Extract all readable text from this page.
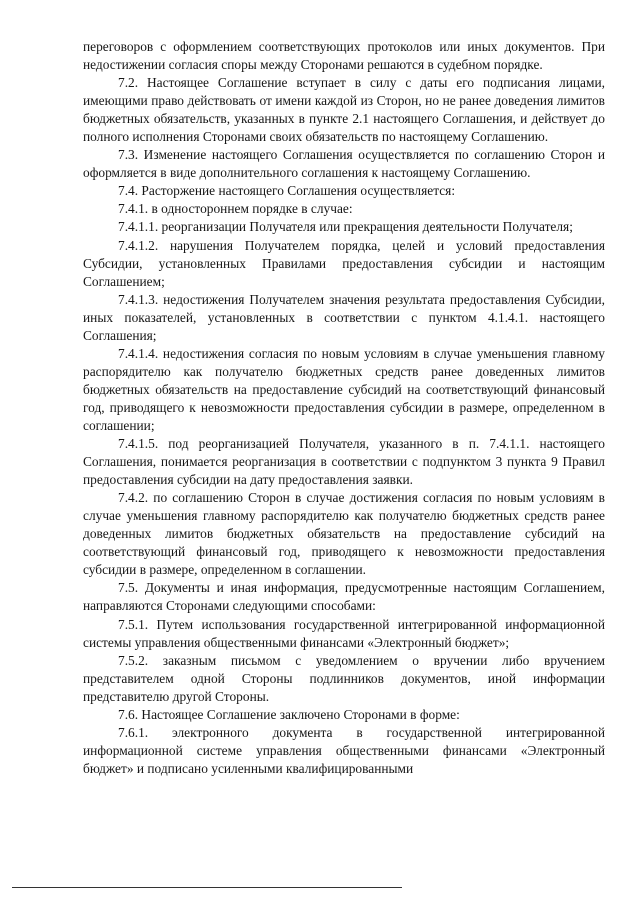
переговоров с оформлением соответствующих протоколов или иных документов. При недостижении согласия споры между Сторонами решаются в судебном порядке.

7.2. Настоящее Соглашение вступает в силу с даты его подписания лицами, имеющими право действовать от имени каждой из Сторон, но не ранее доведения лимитов бюджетных обязательств, указанных в пункте 2.1 настоящего Соглашения, и действует до полного исполнения Сторонами своих обязательств по настоящему Соглашению.

7.3. Изменение настоящего Соглашения осуществляется по соглашению Сторон и оформляется в виде дополнительного соглашения к настоящему Соглашению.

7.4. Расторжение настоящего Соглашения осуществляется:

7.4.1. в одностороннем порядке в случае:

7.4.1.1. реорганизации Получателя или прекращения деятельности Получателя;

7.4.1.2. нарушения Получателем порядка, целей и условий предоставления Субсидии, установленных Правилами предоставления субсидии и настоящим Соглашением;

7.4.1.3. недостижения Получателем значения результата предоставления Субсидии, иных показателей, установленных в соответствии с пунктом 4.1.4.1. настоящего Соглашения;

7.4.1.4. недостижения согласия по новым условиям в случае уменьшения главному распорядителю как получателю бюджетных средств ранее доведенных лимитов бюджетных обязательств на предоставление субсидий на соответствующий финансовый год, приводящего к невозможности предоставления субсидии в размере, определенном в соглашении;

7.4.1.5. под реорганизацией Получателя, указанного в п. 7.4.1.1. настоящего Соглашения, понимается реорганизация в соответствии с подпунктом 3 пункта 9 Правил предоставления субсидии на дату предоставления заявки.

7.4.2. по соглашению Сторон в случае достижения согласия по новым условиям в случае уменьшения главному распорядителю как получателю бюджетных средств ранее доведенных лимитов бюджетных обязательств на предоставление субсидий на соответствующий финансовый год, приводящего к невозможности предоставления субсидии в размере, определенном в соглашении.

7.5. Документы и иная информация, предусмотренные настоящим Соглашением, направляются Сторонами следующими способами:

7.5.1. Путем использования государственной интегрированной информационной системы управления общественными финансами «Электронный бюджет»;

7.5.2. заказным письмом с уведомлением о вручении либо вручением представителем одной Стороны подлинников документов, иной информации представителю другой Стороны.

7.6. Настоящее Соглашение заключено Сторонами в форме:

7.6.1. электронного документа в государственной интегрированной информационной системе управления общественными финансами «Электронный бюджет» и подписано усиленными квалифицированными
